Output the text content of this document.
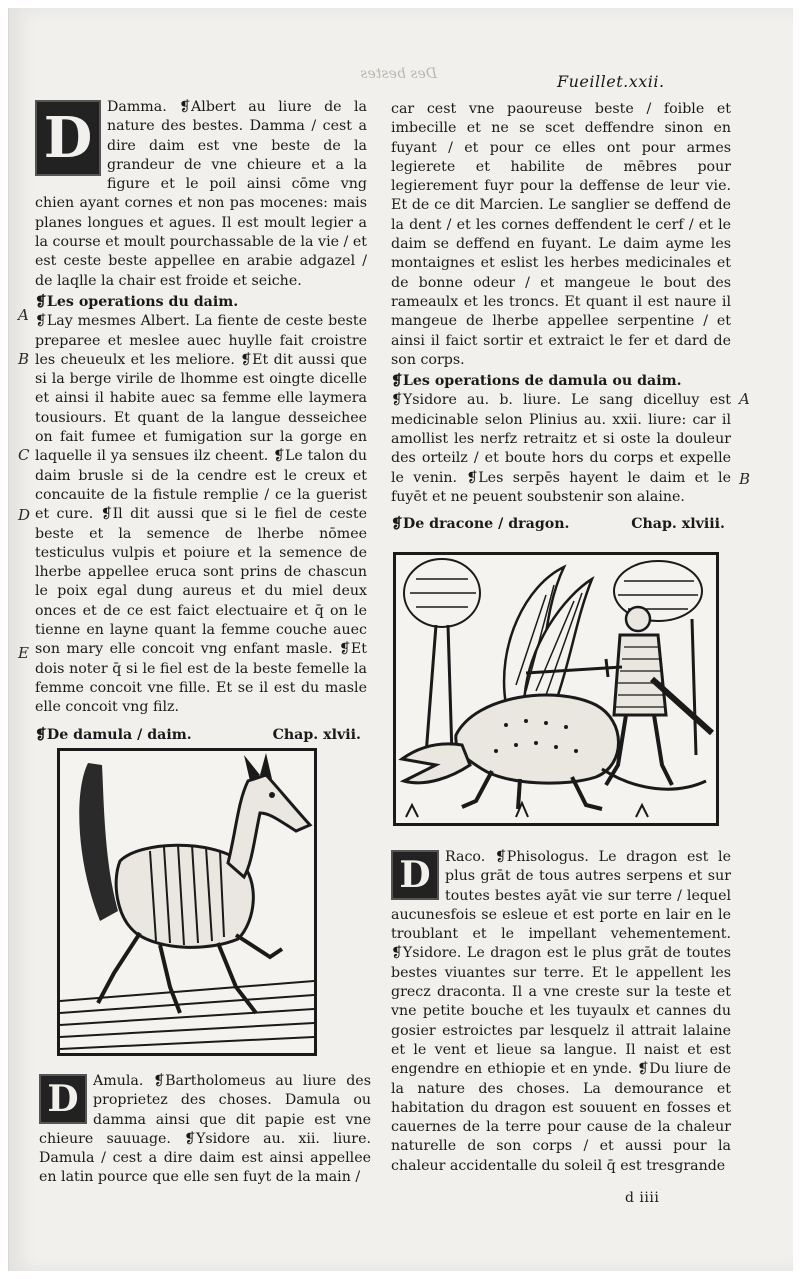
Des bestes	Fueillet.xxii.
D	Damma. ❡Albert au liure de la nature des bestes. Damma / cest a dire daim est vne beste de la grandeur de vne chieure et a la figure et le poil ainsi cōme vng chien ayant cornes et non pas mocenes: mais planes longues et agues. Il est moult legier a la course et moult pourchassable de la vie / et est ceste beste appellee en arabie adgazel / de laqlle la chair est froide et seiche.

❡Les operations du daim.

❡Lay mesmes Albert. La fiente de ceste beste preparee et meslee auec huylle fait croistre les cheueulx et les meliore. ❡Et dit aussi que si la berge virile de lhomme est oingte dicelle et ainsi il habite auec sa femme elle laymera tousiours. Et quant de la langue desseichee on fait fumee et fumigation sur la gorge en laquelle il ya sensues ilz cheent. ❡Le talon du daim brusle si de la cendre est le creux et concauite de la fistule remplie / ce la guerist et cure. ❡Il dit aussi que si le fiel de ceste beste et la semence de lherbe nōmee testiculus vulpis et poiure et la semence de lherbe appellee eruca sont prins de chascun le poix egal dung aureus et du miel deux onces et de ce est faict electuaire et q̄ on le tienne en layne quant la femme couche auec son mary elle concoit vng enfant masle. ❡Et dois noter q̄ si le fiel est de la beste femelle la femme concoit vne fille. Et se il est du masle elle concoit vng filz.

❡De damula / daim.	Chap. xlvii.
D	Amula. ❡Bartholomeus au liure des proprietez des choses. Damula ou damma ainsi que dit papie est vne chieure sauuage. ❡Ysidore au. xii. liure. Damula / cest a dire daim est ainsi appellee en latin pource que elle sen fuyt de la main /

A
B
C
D
E

car cest vne paoureuse beste / foible et imbecille et ne se scet deffendre sinon en fuyant / et pour ce elles ont pour armes legierete et habilite de mēbres pour legierement fuyr pour la deffense de leur vie. Et de ce dit Marcien. Le sanglier se deffend de la dent / et les cornes deffendent le cerf / et le daim se deffend en fuyant. Le daim ayme les montaignes et eslist les herbes medicinales et de bonne odeur / et mangeue le bout des rameaulx et les troncs. Et quant il est naure il mangeue de lherbe appellee serpentine / et ainsi il faict sortir et extraict le fer et dard de son corps.

❡Les operations de damula ou daim.

❡Ysidore au. b. liure. Le sang dicelluy est medicinable selon Plinius au. xxii. liure: car il amollist les nerfz retraitz et si oste la douleur des orteilz / et boute hors du corps et expelle le venin. ❡Les serpēs hayent le daim et le fuyēt et ne peuent soubstenir son alaine.

❡De dracone / dragon.	Chap. xlviii.
D	Raco. ❡Phisologus. Le dragon est le plus grāt de tous autres serpens et sur toutes bestes ayāt vie sur terre / lequel aucunesfois se esleue et est porte en lair en le troublant et le impellant vehementement. ❡Ysidore. Le dragon est le plus grāt de toutes bestes viuantes sur terre. Et le appellent les grecz draconta. Il a vne creste sur la teste et vne petite bouche et les tuyaulx et cannes du gosier estroictes par lesquelz il attrait lalaine et le vent et lieue sa langue. Il naist et est engendre en ethiopie et en ynde. ❡Du liure de la nature des choses. La demourance et habitation du dragon est souuent en fosses et cauernes de la terre pour cause de la chaleur naturelle de son corps / et aussi pour la chaleur accidentalle du soleil q̄ est tresgrande

d iiii
A
B
